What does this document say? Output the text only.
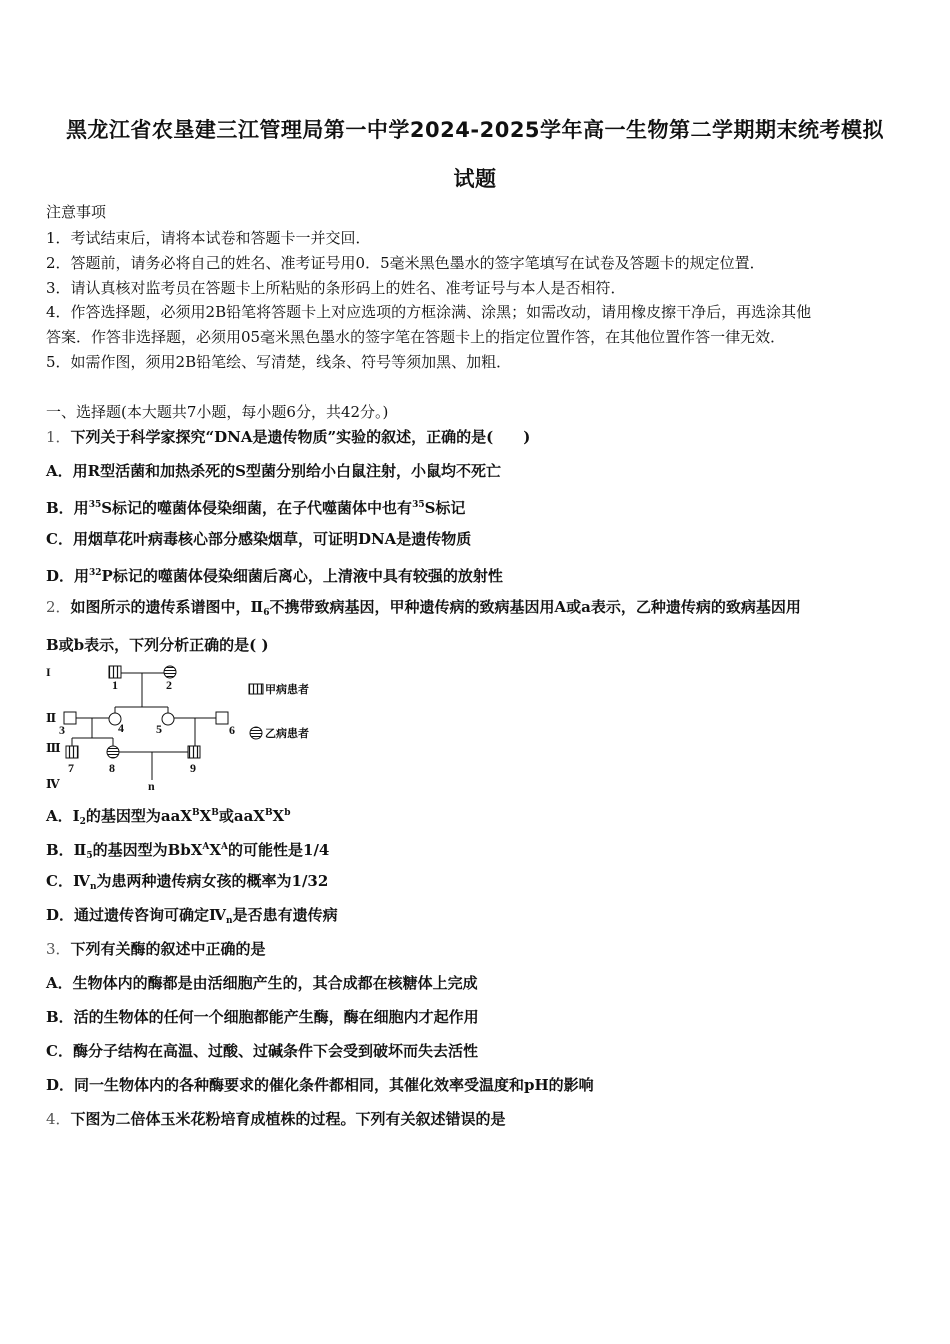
黑龙江省农垦建三江管理局第一中学2024-2025学年高一生物第二学期期末统考模拟
试题
注意事项
1．考试结束后，请将本试卷和答题卡一并交回．
2．答题前，请务必将自己的姓名、准考证号用0．5毫米黑色墨水的签字笔填写在试卷及答题卡的规定位置．
3．请认真核对监考员在答题卡上所粘贴的条形码上的姓名、准考证号与本人是否相符．
4．作答选择题，必须用2B铅笔将答题卡上对应选项的方框涂满、涂黑；如需改动，请用橡皮擦干净后，再选涂其他
答案．作答非选择题，必须用05毫米黑色墨水的签字笔在答题卡上的指定位置作答，在其他位置作答一律无效．
5．如需作图，须用2B铅笔绘、写清楚，线条、符号等须加黑、加粗．
一、选择题(本大题共7小题，每小题6分，共42分。)
1．下列关于科学家探究“DNA是遗传物质”实验的叙述，正确的是(　　)
A．用R型活菌和加热杀死的S型菌分别给小白鼠注射，小鼠均不死亡
B．用$^{35}$S标记的噬菌体侵染细菌，在子代噬菌体中也有$^{35}$S标记
C．用烟草花叶病毒核心部分感染烟草，可证明DNA是遗传物质
D．用$^{32}$P标记的噬菌体侵染细菌后离心，上清液中具有较强的放射性
2．如图所示的遗传系谱图中，$Ⅱ_6$不携带致病基因，甲种遗传病的致病基因用A或a表示，乙种遗传病的致病基因用
B或b表示，下列分析正确的是( )
I
Ⅱ
Ⅲ
Ⅳ
1	2
3	4	5	6
7	8	9
n
甲病患者
乙病患者
A．$Ⅰ_2$的基因型为$aaX^BX^B$或$aaX^BX^b$
B．$Ⅱ_5$的基因型为$BbX^AX^A$的可能性是1/4
C．$Ⅳ_n$为患两种遗传病女孩的概率为1/32
D．通过遗传咨询可确定$Ⅳ_n$是否患有遗传病
3．下列有关酶的叙述中正确的是
A．生物体内的酶都是由活细胞产生的，其合成都在核糖体上完成
B．活的生物体的任何一个细胞都能产生酶，酶在细胞内才起作用
C．酶分子结构在高温、过酸、过碱条件下会受到破坏而失去活性
D．同一生物体内的各种酶要求的催化条件都相同，其催化效率受温度和pH的影响
4．下图为二倍体玉米花粉培育成植株的过程。下列有关叙述错误的是
